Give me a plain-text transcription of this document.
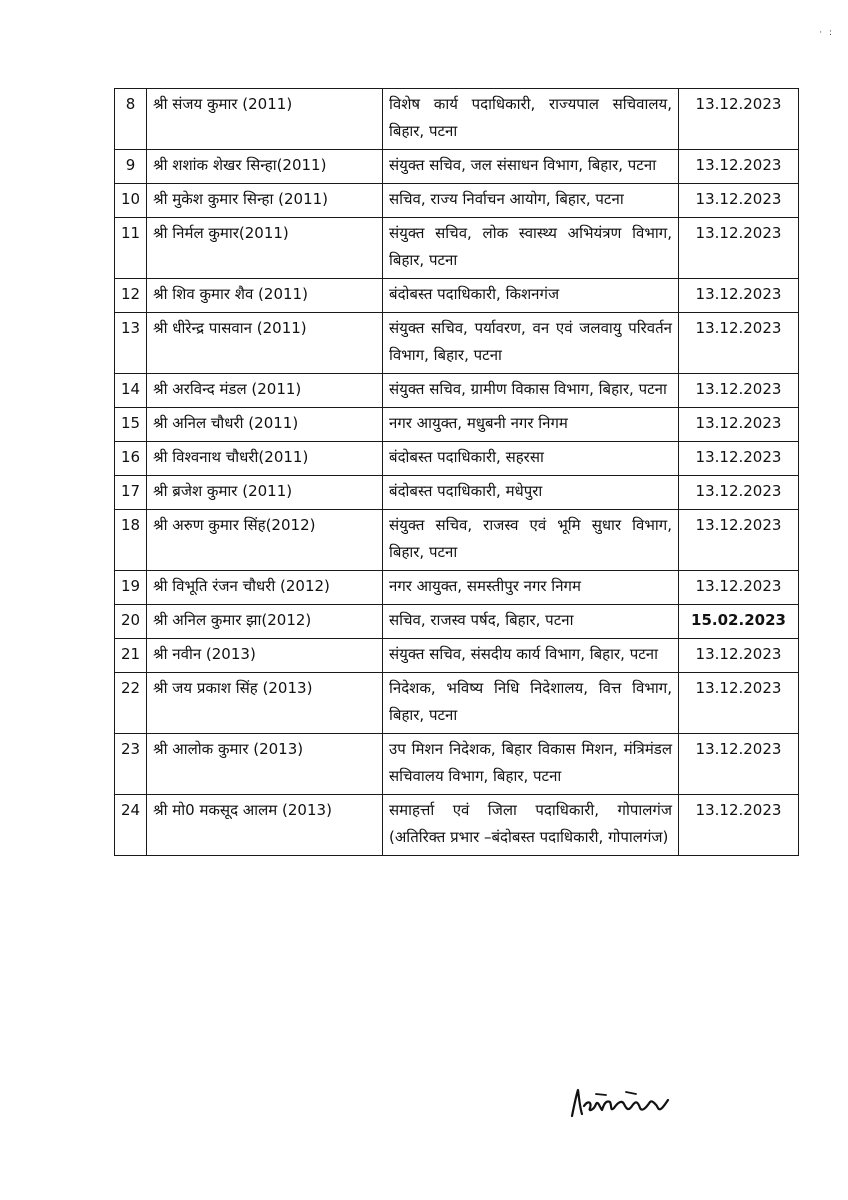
· :
8	श्री संजय कुमार (2011)	विशेष कार्य पदाधिकारी, राज्यपाल सचिवालय, बिहार, पटना	13.12.2023
9	श्री शशांक शेखर सिन्हा(2011)	संयुक्त सचिव, जल संसाधन विभाग, बिहार, पटना	13.12.2023
10	श्री मुकेश कुमार सिन्हा (2011)	सचिव, राज्य निर्वाचन आयोग, बिहार, पटना	13.12.2023
11	श्री निर्मल कुमार(2011)	संयुक्त सचिव, लोक स्वास्थ्य अभियंत्रण विभाग, बिहार, पटना	13.12.2023
12	श्री शिव कुमार शैव (2011)	बंदोबस्त पदाधिकारी, किशनगंज	13.12.2023
13	श्री धीरेन्द्र पासवान (2011)	संयुक्त सचिव, पर्यावरण, वन एवं जलवायु परिवर्तन विभाग, बिहार, पटना	13.12.2023
14	श्री अरविन्द मंडल (2011)	संयुक्त सचिव, ग्रामीण विकास विभाग, बिहार, पटना	13.12.2023
15	श्री अनिल चौधरी (2011)	नगर आयुक्त, मधुबनी नगर निगम	13.12.2023
16	श्री विश्वनाथ चौधरी(2011)	बंदोबस्त पदाधिकारी, सहरसा	13.12.2023
17	श्री ब्रजेश कुमार (2011)	बंदोबस्त पदाधिकारी, मधेपुरा	13.12.2023
18	श्री अरुण कुमार सिंह(2012)	संयुक्त सचिव, राजस्व एवं भूमि सुधार विभाग, बिहार, पटना	13.12.2023
19	श्री विभूति रंजन चौधरी (2012)	नगर आयुक्त, समस्तीपुर नगर निगम	13.12.2023
20	श्री अनिल कुमार झा(2012)	सचिव, राजस्व पर्षद, बिहार, पटना	15.02.2023
21	श्री नवीन (2013)	संयुक्त सचिव, संसदीय कार्य विभाग, बिहार, पटना	13.12.2023
22	श्री जय प्रकाश सिंह (2013)	निदेशक, भविष्य निधि निदेशालय, वित्त विभाग, बिहार, पटना	13.12.2023
23	श्री आलोक कुमार (2013)	उप मिशन निदेशक, बिहार विकास मिशन, मंत्रिमंडल सचिवालय विभाग, बिहार, पटना	13.12.2023
24	श्री मो0 मकसूद आलम (2013)	समाहर्त्ता एवं जिला पदाधिकारी, गोपालगंज (अतिरिक्त प्रभार –बंदोबस्त पदाधिकारी, गोपालगंज)	13.12.2023
